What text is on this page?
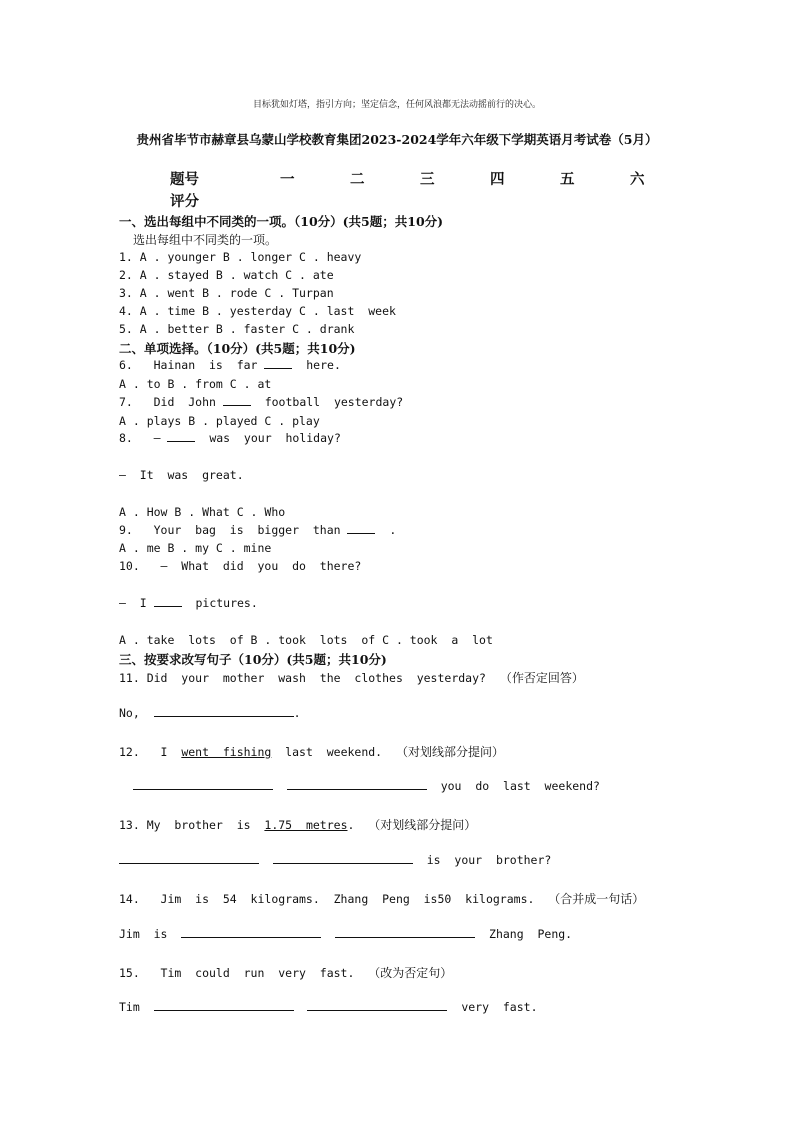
目标犹如灯塔，指引方向；坚定信念，任何风浪都无法动摇前行的决心。
贵州省毕节市赫章县乌蒙山学校教育集团2023-2024学年六年级下学期英语月考试卷（5月）
题号	一	二	三	四	五	六
评分
一、选出每组中不同类的一项。（10分）(共5题；共10分)
选出每组中不同类的一项。
1. A . younger B . longer C . heavy
2. A . stayed B . watch C . ate
3. A . went B . rode C . Turpan
4. A . time B . yesterday C . last  week
5. A . better B . faster C . drank
二、单项选择。（10分）(共5题；共10分)
6.   Hainan  is  far   here.
A . to B . from C . at
7.   Did  John   football  yesterday?
A . plays B . played C . play
8.   —   was  your  holiday?
—  It  was  great.
A . How B . What C . Who
9.   Your  bag  is  bigger  than   .
A . me B . my C . mine
10.   —  What  did  you  do  there?
—  I   pictures.
A . take  lots  of B . took  lots  of C . took  a  lot
三、按要求改写句子（10分）(共5题；共10分)
11. Did  your  mother  wash  the  clothes  yesterday?  （作否定回答）
No,	.
12.   I  went  fishing  last  weekend.  （对划线部分提问）
you  do  last  weekend?
13. My  brother  is  1.75  metres.  （对划线部分提问）
is  your  brother?
14.   Jim  is  54  kilograms.  Zhang  Peng  is50  kilograms.  （合并成一句话）
Jim  is	Zhang  Peng.
15.   Tim  could  run  very  fast.  （改为否定句）
Tim	very  fast.
